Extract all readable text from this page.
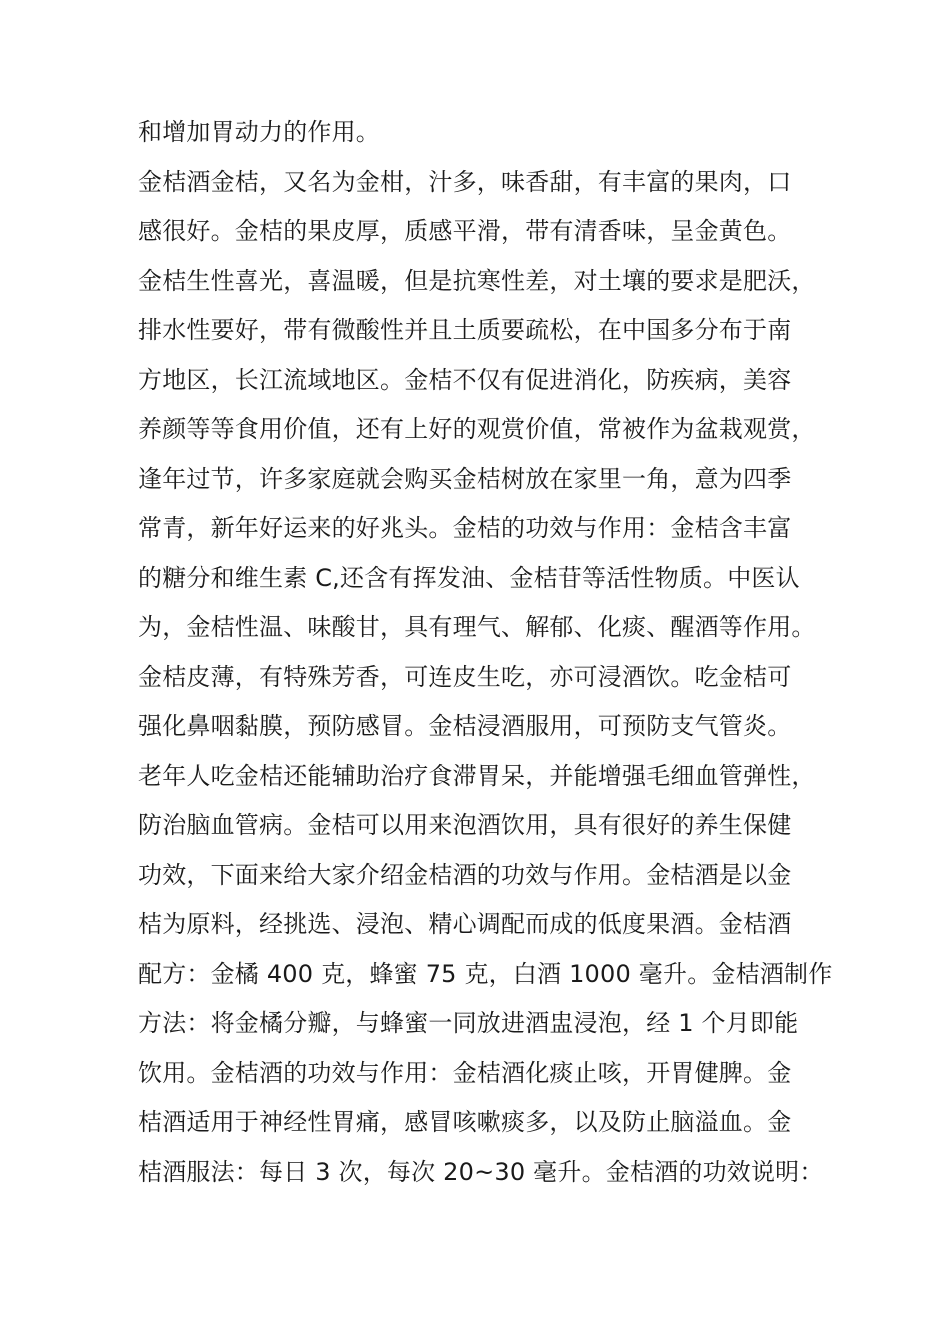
和增加胃动力的作用。
金桔酒金桔，又名为金柑，汁多，味香甜，有丰富的果肉，口
感很好。金桔的果皮厚，质感平滑，带有清香味，呈金黄色。
金桔生性喜光，喜温暖，但是抗寒性差，对土壤的要求是肥沃，
排水性要好，带有微酸性并且土质要疏松，在中国多分布于南
方地区，长江流域地区。金桔不仅有促进消化，防疾病，美容
养颜等等食用价值，还有上好的观赏价值，常被作为盆栽观赏，
逢年过节，许多家庭就会购买金桔树放在家里一角，意为四季
常青，新年好运来的好兆头。金桔的功效与作用：金桔含丰富
的糖分和维生素 C,还含有挥发油、金桔苷等活性物质。中医认
为，金桔性温、味酸甘，具有理气、解郁、化痰、醒酒等作用。
金桔皮薄，有特殊芳香，可连皮生吃，亦可浸酒饮。吃金桔可
强化鼻咽黏膜，预防感冒。金桔浸酒服用，可预防支气管炎。
老年人吃金桔还能辅助治疗食滞胃呆，并能增强毛细血管弹性，
防治脑血管病。金桔可以用来泡酒饮用，具有很好的养生保健
功效，下面来给大家介绍金桔酒的功效与作用。金桔酒是以金
桔为原料，经挑选、浸泡、精心调配而成的低度果酒。金桔酒
配方：金橘 400 克，蜂蜜 75 克，白酒 1000 毫升。金桔酒制作
方法：将金橘分瓣，与蜂蜜一同放进酒盅浸泡，经 1 个月即能
饮用。金桔酒的功效与作用：金桔酒化痰止咳，开胃健脾。金
桔酒适用于神经性胃痛，感冒咳嗽痰多，以及防止脑溢血。金
桔酒服法：每日 3 次，每次 20~30 毫升。金桔酒的功效说明：
